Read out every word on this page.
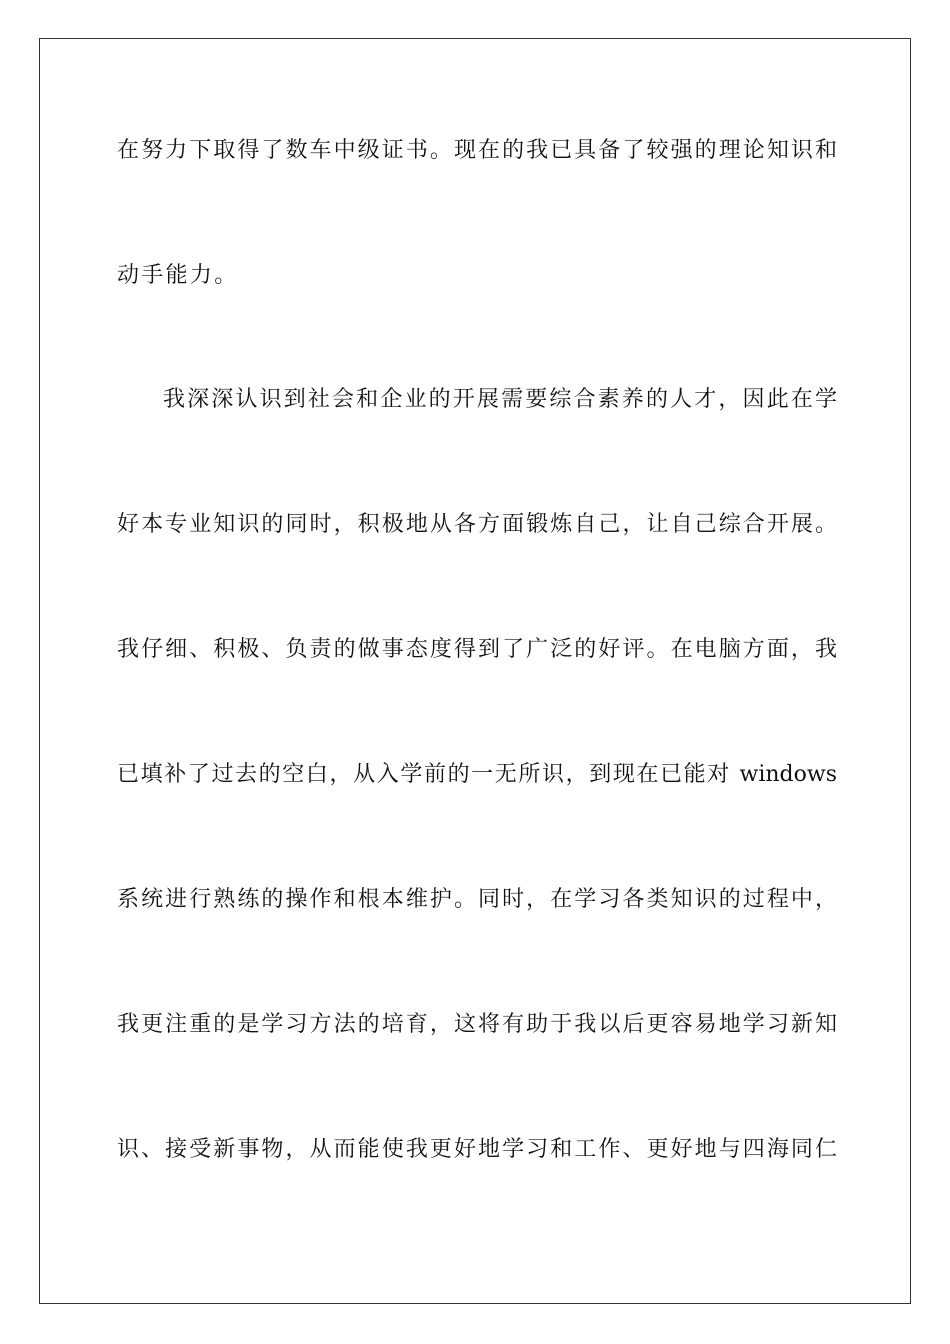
在努力下取得了数车中级证书。现在的我已具备了较强的理论知识和
动手能力。
我深深认识到社会和企业的开展需要综合素养的人才，因此在学
好本专业知识的同时，积极地从各方面锻炼自己，让自己综合开展。
我仔细、积极、负责的做事态度得到了广泛的好评。在电脑方面，我
已填补了过去的空白，从入学前的一无所识，到现在已能对 windows
系统进行熟练的操作和根本维护。同时，在学习各类知识的过程中，
我更注重的是学习方法的培育，这将有助于我以后更容易地学习新知
识、接受新事物，从而能使我更好地学习和工作、更好地与四海同仁
